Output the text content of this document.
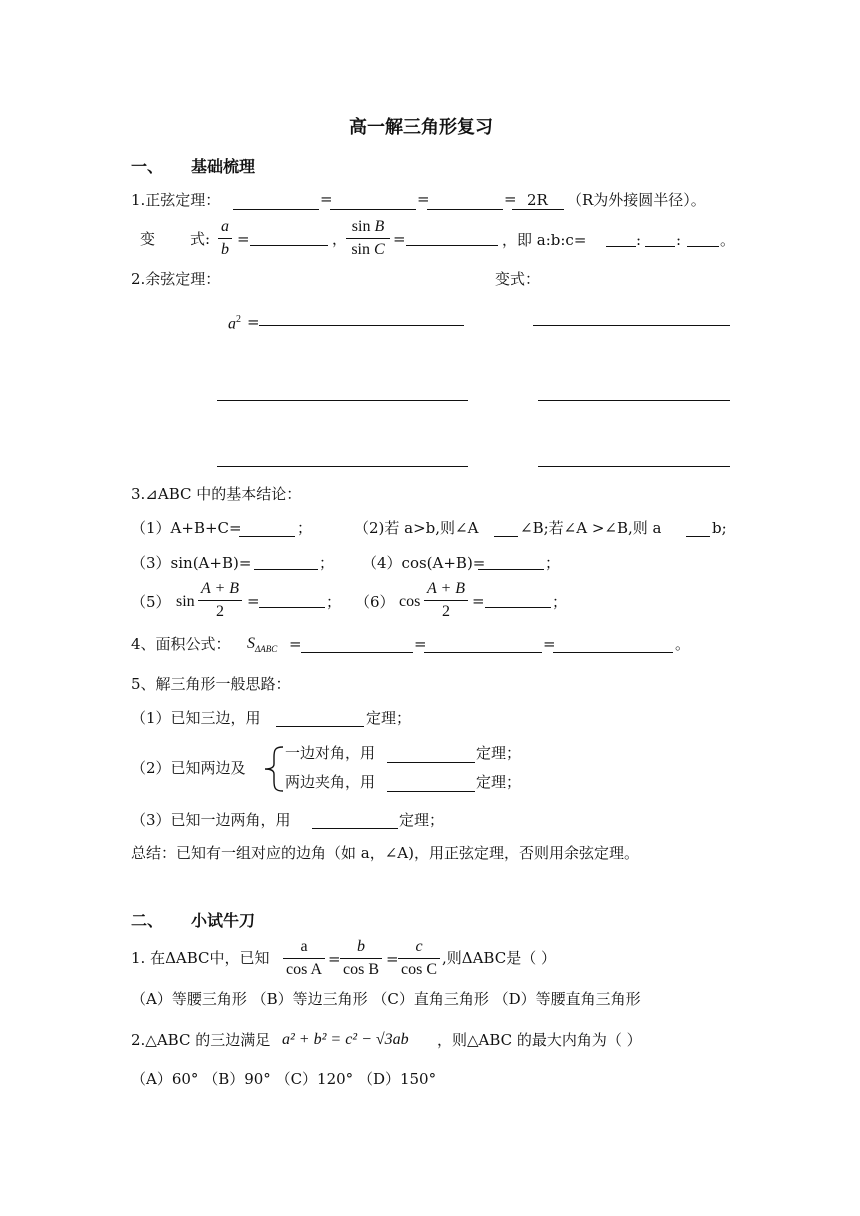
高一解三角形复习
一、 基础梳理
1.正弦定理：	=	=	= 2R （R为外接圆半径）。
变 式:
a
b
=	，
sin B
sin C
=	，即 a:b:c=	: :	。
2.余弦定理：	变式：
$a^2$ =
3.⊿ABC 中的基本结论：
（1）A+B+C=	；	（2)若 a>b,则∠A	∠B;若∠A >∠B,则 a	b;
（3）sin(A+B)=	； （4）cos(A+B)=	；
（5） sin
A + B
2
=	； （6） cos
A + B
2
=	；
4、面积公式： $S_{\Delta ABC}$ =	=	=	。
5、解三角形一般思路：
（1）已知三边，用	定理；
（2）已知两边及
一边对角，用	定理；
两边夹角，用	定理；
（3）已知一边两角，用	定理；
总结：已知有一组对应的边角（如 a，∠A)，用正弦定理，否则用余弦定理。
二、 小试牛刀
1. 在ΔABC中，已知
a
cos A
=
b
cos B
=
c
cos C
,则ΔABC是（ ）
（A）等腰三角形 （B）等边三角形 （C）直角三角形 （D）等腰直角三角形
2.△ABC 的三边满足 a² + b² = c² − √3ab ，则△ABC 的最大内角为（ ）
（A）60° （B）90° （C）120° （D）150°
